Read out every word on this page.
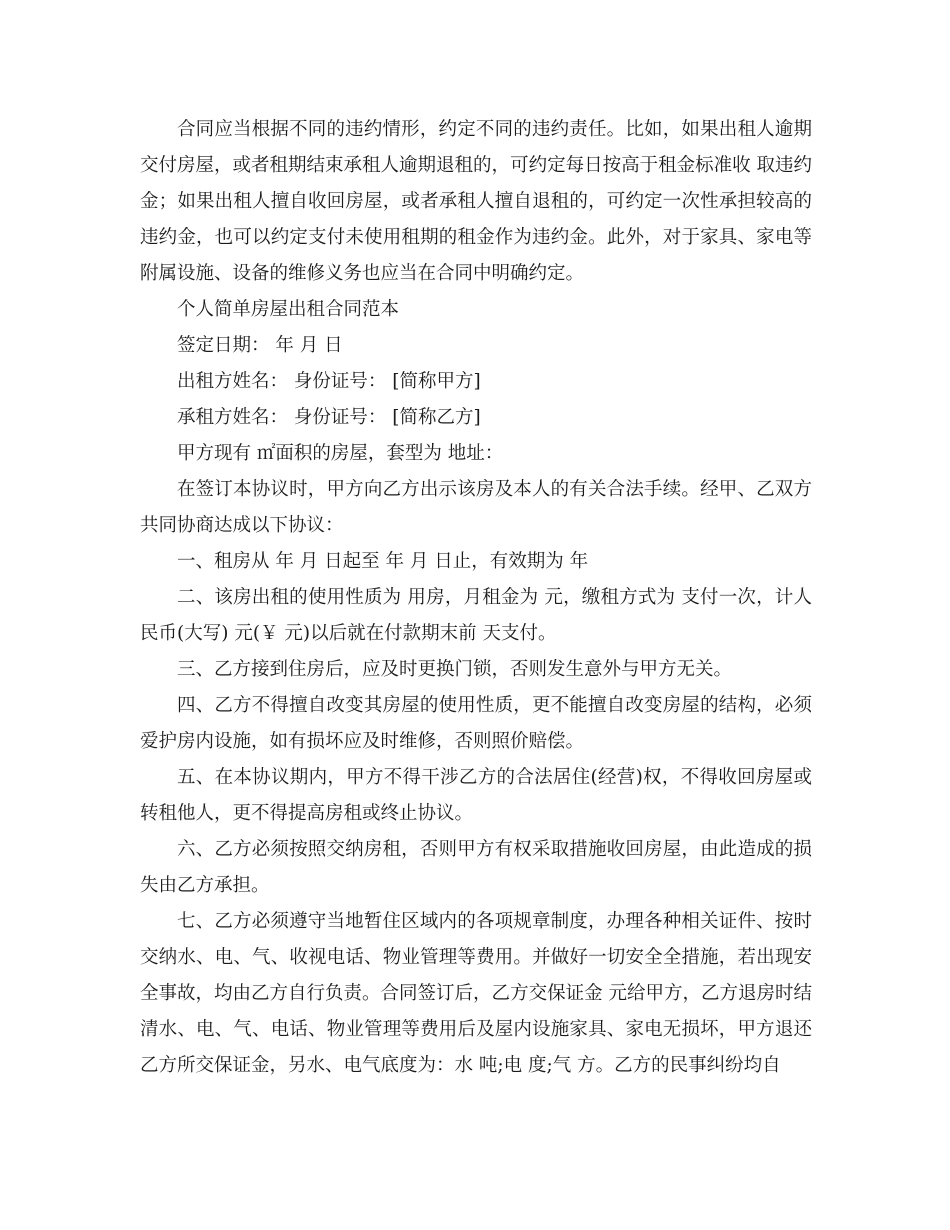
合同应当根据不同的违约情形，约定不同的违约责任。比如，如果出租人逾期交付房屋，或者租期结束承租人逾期退租的，可约定每日按高于租金标准收 取违约金；如果出租人擅自收回房屋，或者承租人擅自退租的，可约定一次性承担较高的违约金，也可以约定支付未使用租期的租金作为违约金。此外，对于家具、家电等附属设施、设备的维修义务也应当在合同中明确约定。

个人简单房屋出租合同范本

签定日期： 年 月 日

出租方姓名： 身份证号： [简称甲方]

承租方姓名： 身份证号： [简称乙方]

甲方现有 ㎡面积的房屋，套型为 地址：

在签订本协议时，甲方向乙方出示该房及本人的有关合法手续。经甲、乙双方共同协商达成以下协议：

一、租房从 年 月 日起至 年 月 日止，有效期为 年

二、该房出租的使用性质为 用房，月租金为 元，缴租方式为 支付一次，计人民币(大写) 元(￥ 元)以后就在付款期末前 天支付。

三、乙方接到住房后，应及时更换门锁，否则发生意外与甲方无关。

四、乙方不得擅自改变其房屋的使用性质，更不能擅自改变房屋的结构，必须爱护房内设施，如有损坏应及时维修，否则照价赔偿。

五、在本协议期内，甲方不得干涉乙方的合法居住(经营)权，不得收回房屋或转租他人，更不得提高房租或终止协议。

六、乙方必须按照交纳房租，否则甲方有权采取措施收回房屋，由此造成的损失由乙方承担。

七、乙方必须遵守当地暂住区域内的各项规章制度，办理各种相关证件、按时交纳水、电、气、收视电话、物业管理等费用。并做好一切安全全措施，若出现安全事故，均由乙方自行负责。合同签订后，乙方交保证金 元给甲方，乙方退房时结清水、电、气、电话、物业管理等费用后及屋内设施家具、家电无损坏，甲方退还乙方所交保证金，另水、电气底度为：水 吨;电 度;气 方。乙方的民事纠纷均自
